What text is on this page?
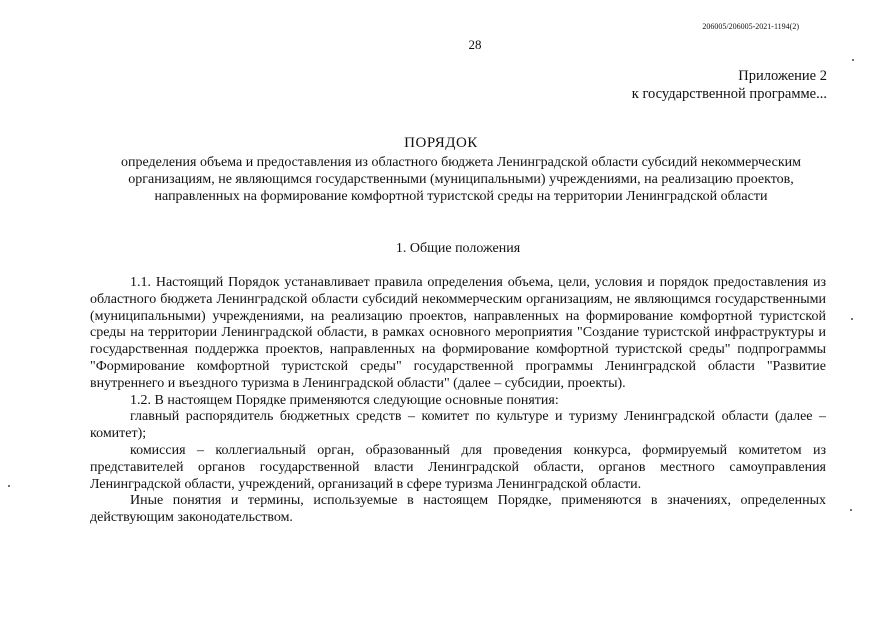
206005/206005-2021-1194(2)
28
Приложение 2
к государственной программе...
ПОРЯДОК
определения объема и предоставления из областного бюджета Ленинградской области субсидий некоммерческим
организациям, не являющимся государственными (муниципальными) учреждениями, на реализацию проектов,
направленных на формирование комфортной туристской среды на территории Ленинградской области
1. Общие положения

1.1. Настоящий Порядок устанавливает правила определения объема, цели, условия и порядок предоставления из областного бюджета Ленинградской области субсидий некоммерческим организациям, не являющимся государственными (муниципальными) учреждениями, на реализацию проектов, направленных на формирование комфортной туристской среды на территории Ленинградской области, в рамках основного мероприятия "Создание туристской инфраструктуры и государственная поддержка проектов, направленных на формирование комфортной туристской среды" подпрограммы "Формирование комфортной туристской среды" государственной программы Ленинградской области "Развитие внутреннего и въездного туризма в Ленинградской области" (далее – субсидии, проекты).

1.2. В настоящем Порядке применяются следующие основные понятия:

главный распорядитель бюджетных средств – комитет по культуре и туризму Ленинградской области (далее – комитет);

комиссия – коллегиальный орган, образованный для проведения конкурса, формируемый комитетом из представителей органов государственной власти Ленинградской области, органов местного самоуправления Ленинградской области, учреждений, организаций в сфере туризма Ленинградской области.

Иные понятия и термины, используемые в настоящем Порядке, применяются в значениях, определенных действующим законодательством.
